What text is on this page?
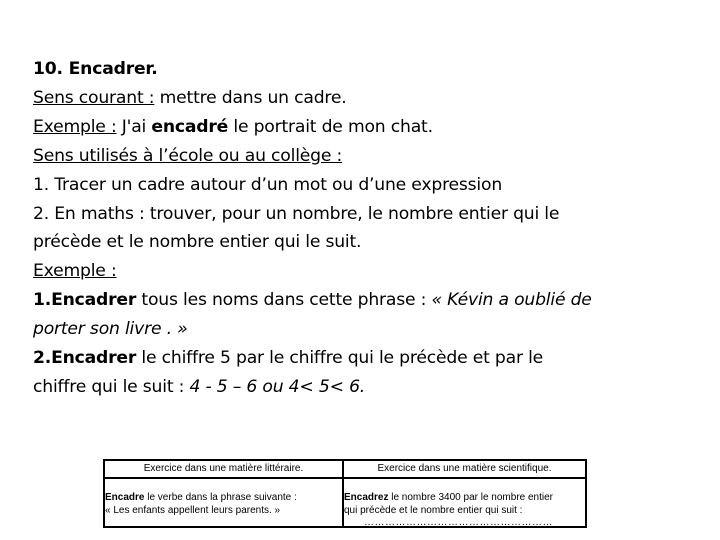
10. Encadrer.
Sens courant : mettre dans un cadre.
Exemple : J'ai encadré le portrait de mon chat.
Sens utilisés à l’école ou au collège :
1. Tracer un cadre autour d’un mot ou d’une expression
2. En maths : trouver, pour un nombre, le nombre entier qui le
précède et le nombre entier qui le suit.
Exemple :
1.Encadrer tous les noms dans cette phrase : « Kévin a oublié de
porter son livre . »
2.Encadrer le chiffre 5 par le chiffre qui le précède et par le
chiffre qui le suit : 4 - 5 – 6 ou 4< 5< 6.
Exercice dans une matière littéraire.
Encadre le verbe dans la phrase suivante :
« Les enfants appellent leurs parents. »
Exercice dans une matière scientifique.
Encadrez le nombre 3400 par le nombre entier
qui précède et le nombre entier qui suit :
………………………………………………
